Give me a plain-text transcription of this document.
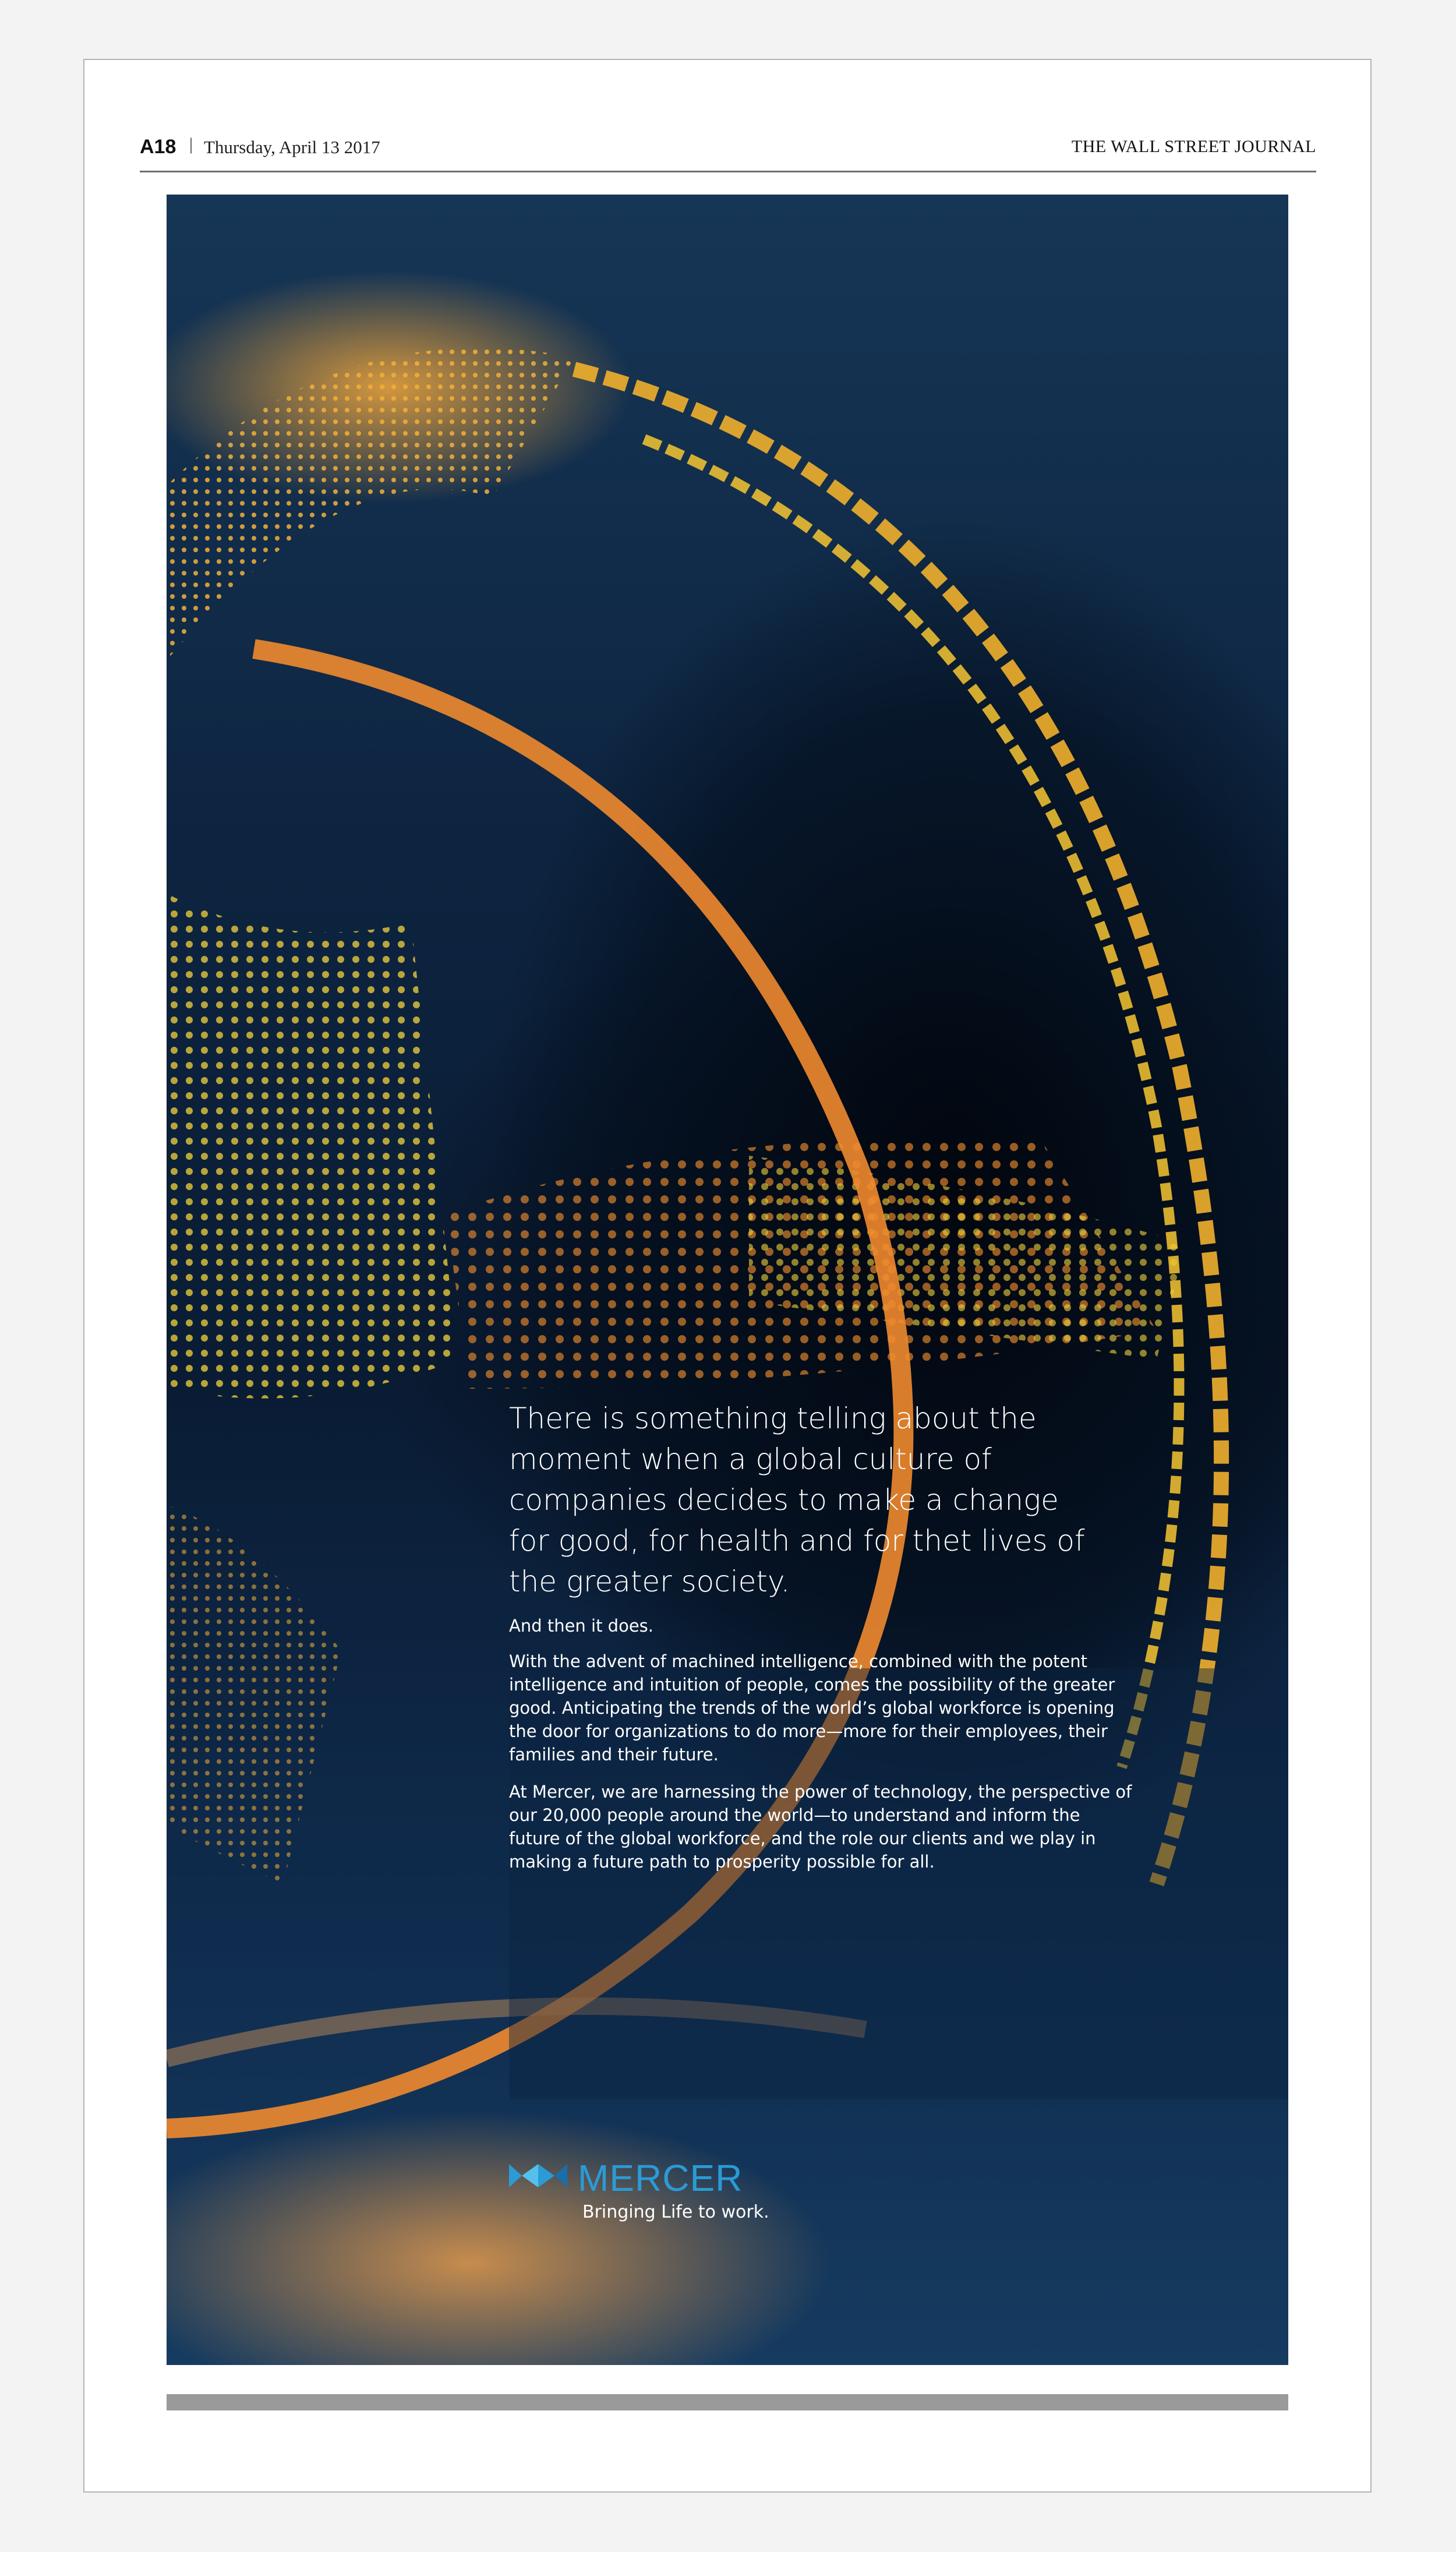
A18 | Thursday, April 13 2017	THE WALL STREET JOURNAL

There is something telling about the moment when a global culture of companies decides to make a change for good, for health and for thet lives of the greater society.

And then it does.

With the advent of machined intelligence, combined with the potent intelligence and intuition of people, comes the possibility of the greater good. Anticipating the trends of the world’s global workforce is opening the door for organizations to do more—more for their employees, their families and their future.

At Mercer, we are harnessing the power of technology, the perspective of our 20,000 people around the world—to understand and inform the future of the global workforce, and the role our clients and we play in making a future path to prosperity possible for all.

MERCER
Bringing Life to work.
